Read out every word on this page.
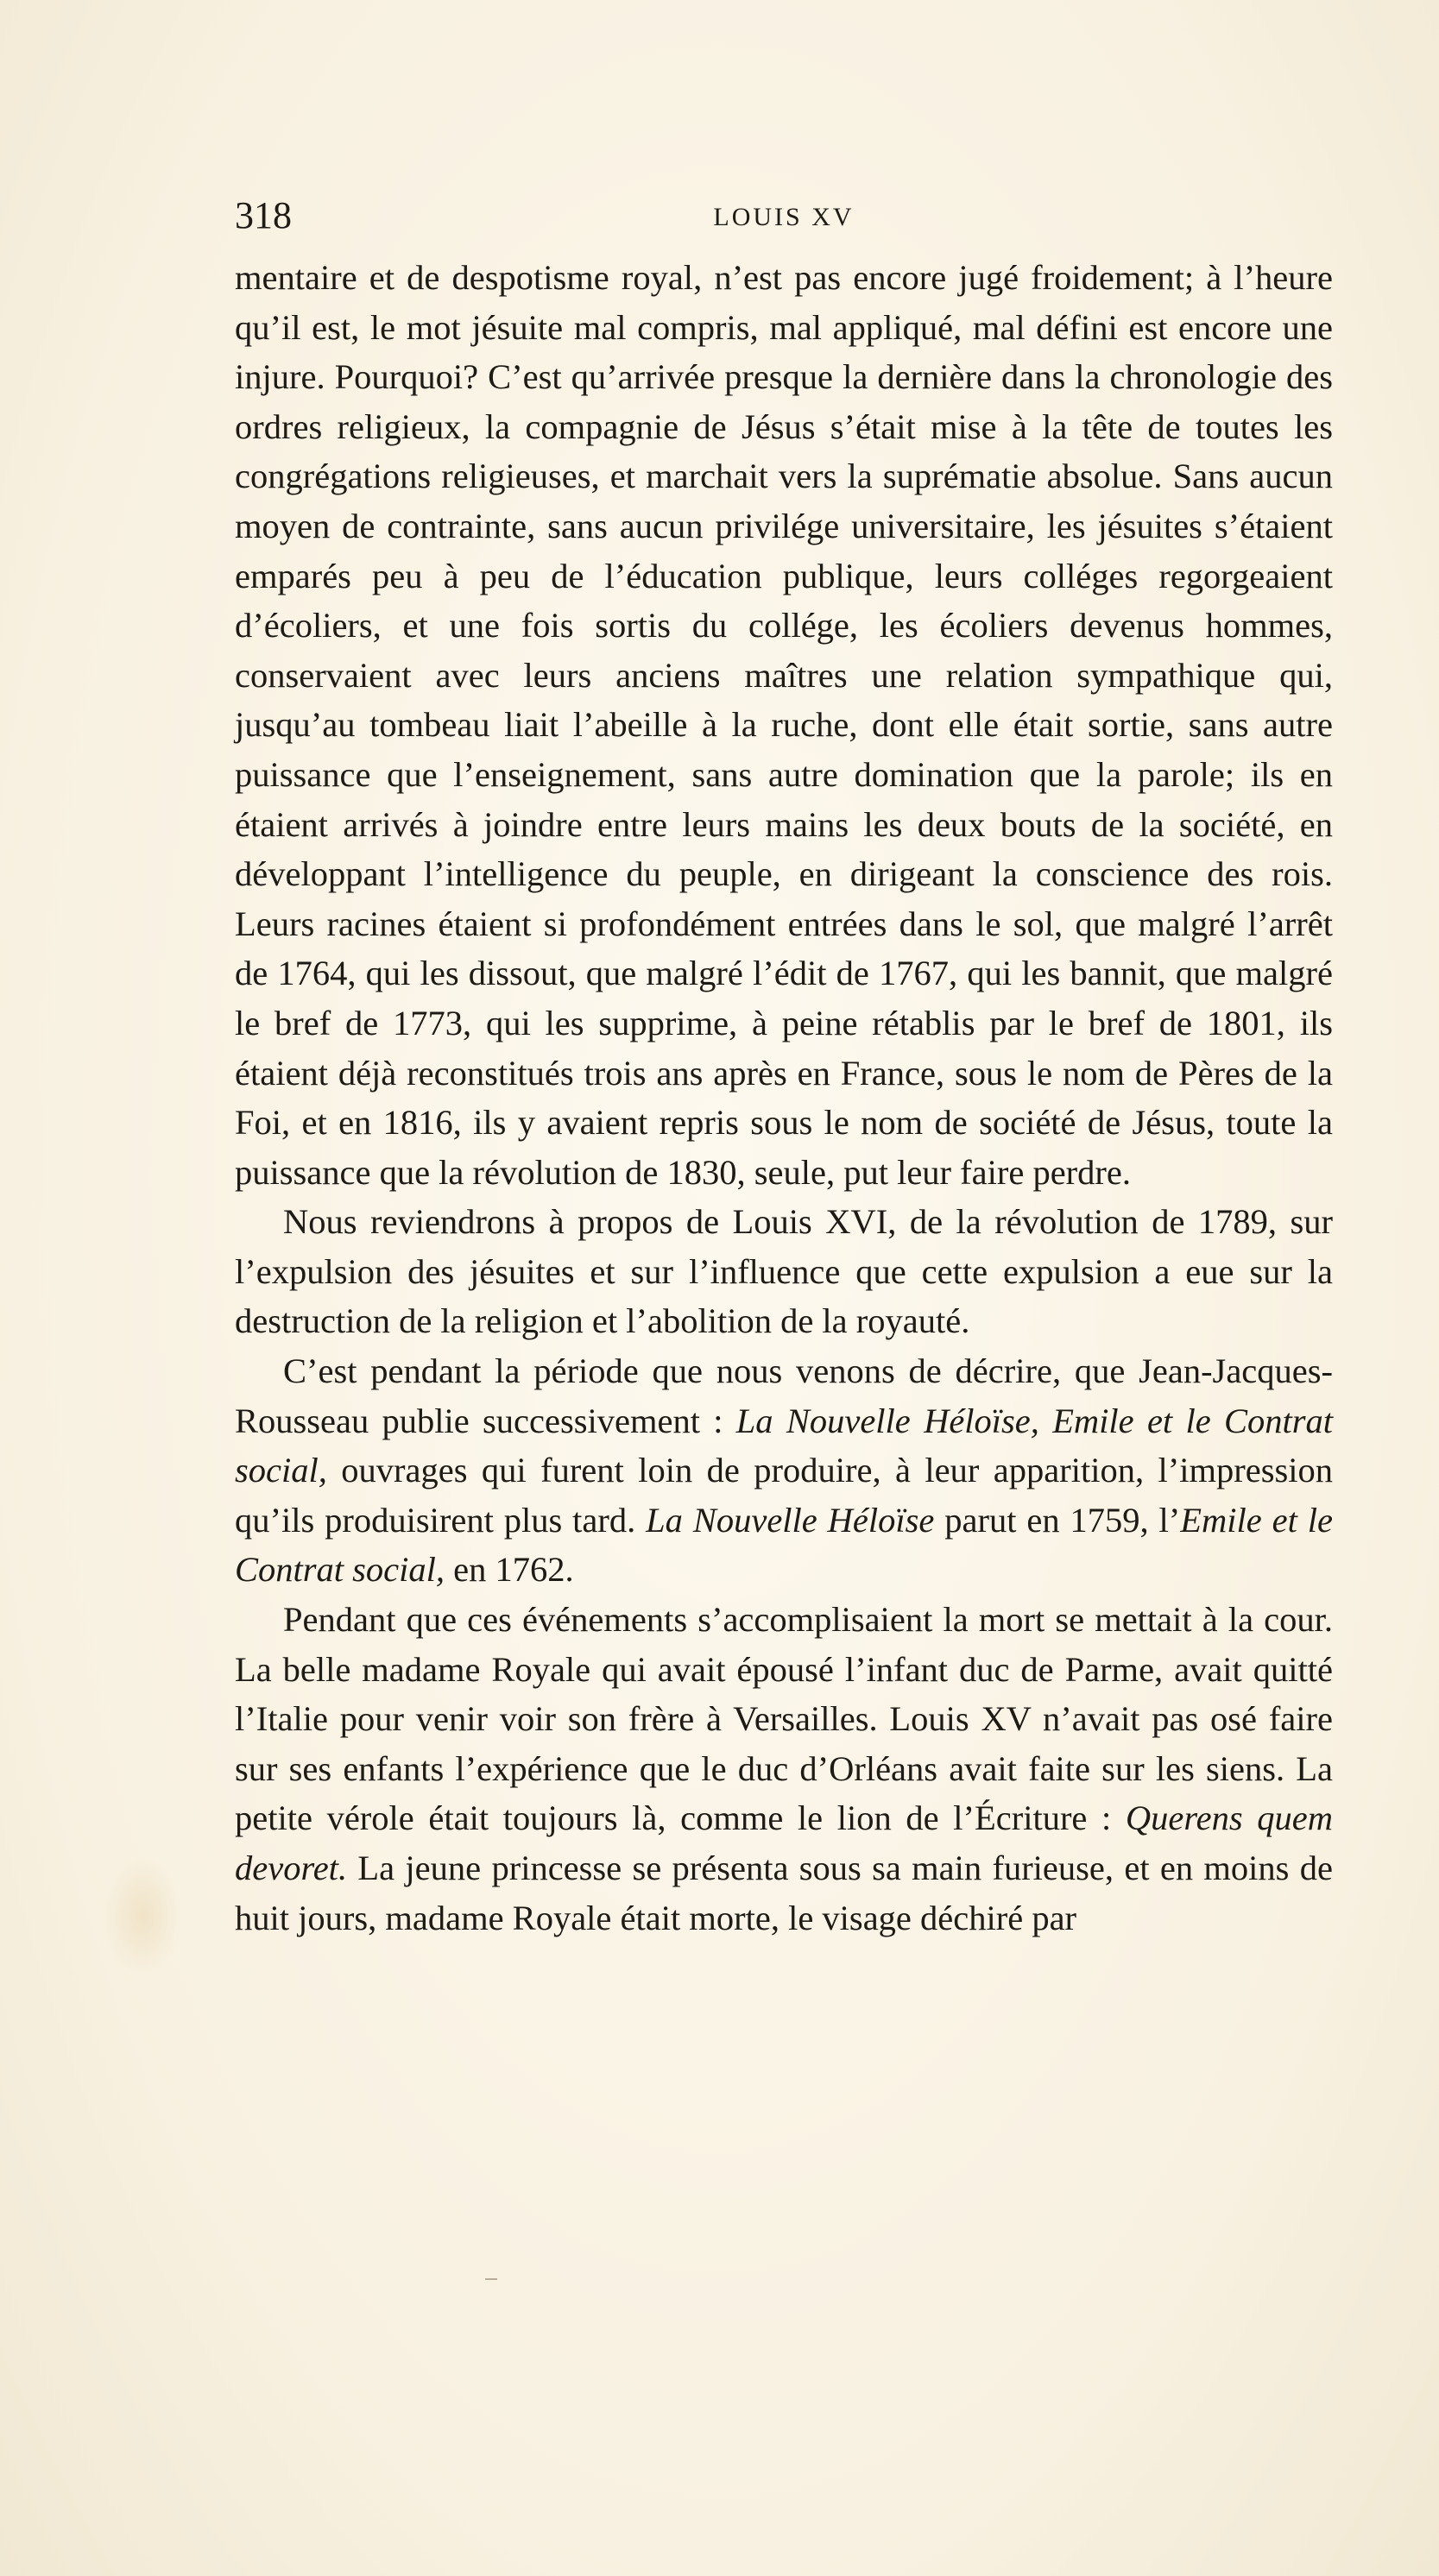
318	LOUIS XV

mentaire et de despotisme royal, n’est pas encore jugé froidement; à l’heure qu’il est, le mot jésuite mal compris, mal appliqué, mal défini est encore une injure. Pourquoi? C’est qu’arrivée presque la dernière dans la chronologie des ordres religieux, la compagnie de Jésus s’était mise à la tête de toutes les congrégations religieuses, et marchait vers la suprématie absolue. Sans aucun moyen de contrainte, sans aucun privilége universitaire, les jésuites s’étaient emparés peu à peu de l’éducation publique, leurs colléges regorgeaient d’écoliers, et une fois sortis du collége, les écoliers devenus hommes, conservaient avec leurs anciens maîtres une relation sympathique qui, jusqu’au tombeau liait l’abeille à la ruche, dont elle était sortie, sans autre puissance que l’enseignement, sans autre domination que la parole; ils en étaient arrivés à joindre entre leurs mains les deux bouts de la société, en développant l’intelligence du peuple, en dirigeant la conscience des rois. Leurs racines étaient si profondément entrées dans le sol, que malgré l’arrêt de 1764, qui les dissout, que malgré l’édit de 1767, qui les bannit, que malgré le bref de 1773, qui les supprime, à peine rétablis par le bref de 1801, ils étaient déjà reconstitués trois ans après en France, sous le nom de Pères de la Foi, et en 1816, ils y avaient repris sous le nom de société de Jésus, toute la puissance que la révolution de 1830, seule, put leur faire perdre.

Nous reviendrons à propos de Louis XVI, de la révolution de 1789, sur l’expulsion des jésuites et sur l’influence que cette expulsion a eue sur la destruction de la religion et l’abolition de la royauté.

C’est pendant la période que nous venons de décrire, que Jean-Jacques-Rousseau publie successivement : La Nouvelle Héloïse, Emile et le Contrat social, ouvrages qui furent loin de produire, à leur apparition, l’impression qu’ils produisirent plus tard. La Nouvelle Héloïse parut en 1759, l’Emile et le Contrat social, en 1762.

Pendant que ces événements s’accomplisaient la mort se mettait à la cour. La belle madame Royale qui avait épousé l’infant duc de Parme, avait quitté l’Italie pour venir voir son frère à Versailles. Louis XV n’avait pas osé faire sur ses enfants l’expérience que le duc d’Orléans avait faite sur les siens. La petite vérole était toujours là, comme le lion de l’Écriture : Querens quem devoret. La jeune princesse se présenta sous sa main furieuse, et en moins de huit jours, madame Royale était morte, le visage déchiré par
